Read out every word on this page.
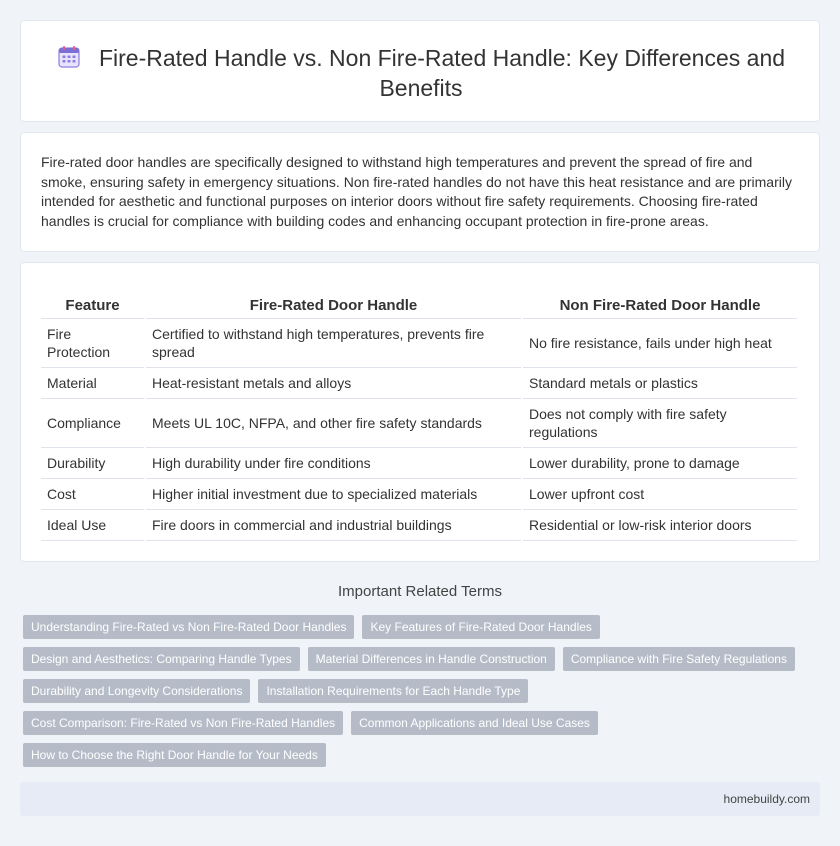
Fire-Rated Handle vs. Non Fire-Rated Handle: Key Differences and Benefits

Fire-rated door handles are specifically designed to withstand high temperatures and prevent the spread of fire and smoke, ensuring safety in emergency situations. Non fire-rated handles do not have this heat resistance and are primarily intended for aesthetic and functional purposes on interior doors without fire safety requirements. Choosing fire-rated handles is crucial for compliance with building codes and enhancing occupant protection in fire-prone areas.

Feature	Fire-Rated Door Handle	Non Fire-Rated Door Handle
Fire Protection	Certified to withstand high temperatures, prevents fire spread	No fire resistance, fails under high heat
Material	Heat-resistant metals and alloys	Standard metals or plastics
Compliance	Meets UL 10C, NFPA, and other fire safety standards	Does not comply with fire safety regulations
Durability	High durability under fire conditions	Lower durability, prone to damage
Cost	Higher initial investment due to specialized materials	Lower upfront cost
Ideal Use	Fire doors in commercial and industrial buildings	Residential or low-risk interior doors
Important Related Terms
Understanding Fire-Rated vs Non Fire-Rated Door Handles	Key Features of Fire-Rated Door Handles
Design and Aesthetics: Comparing Handle Types	Material Differences in Handle Construction	Compliance with Fire Safety Regulations
Durability and Longevity Considerations	Installation Requirements for Each Handle Type
Cost Comparison: Fire-Rated vs Non Fire-Rated Handles	Common Applications and Ideal Use Cases
How to Choose the Right Door Handle for Your Needs
homebuildy.com
